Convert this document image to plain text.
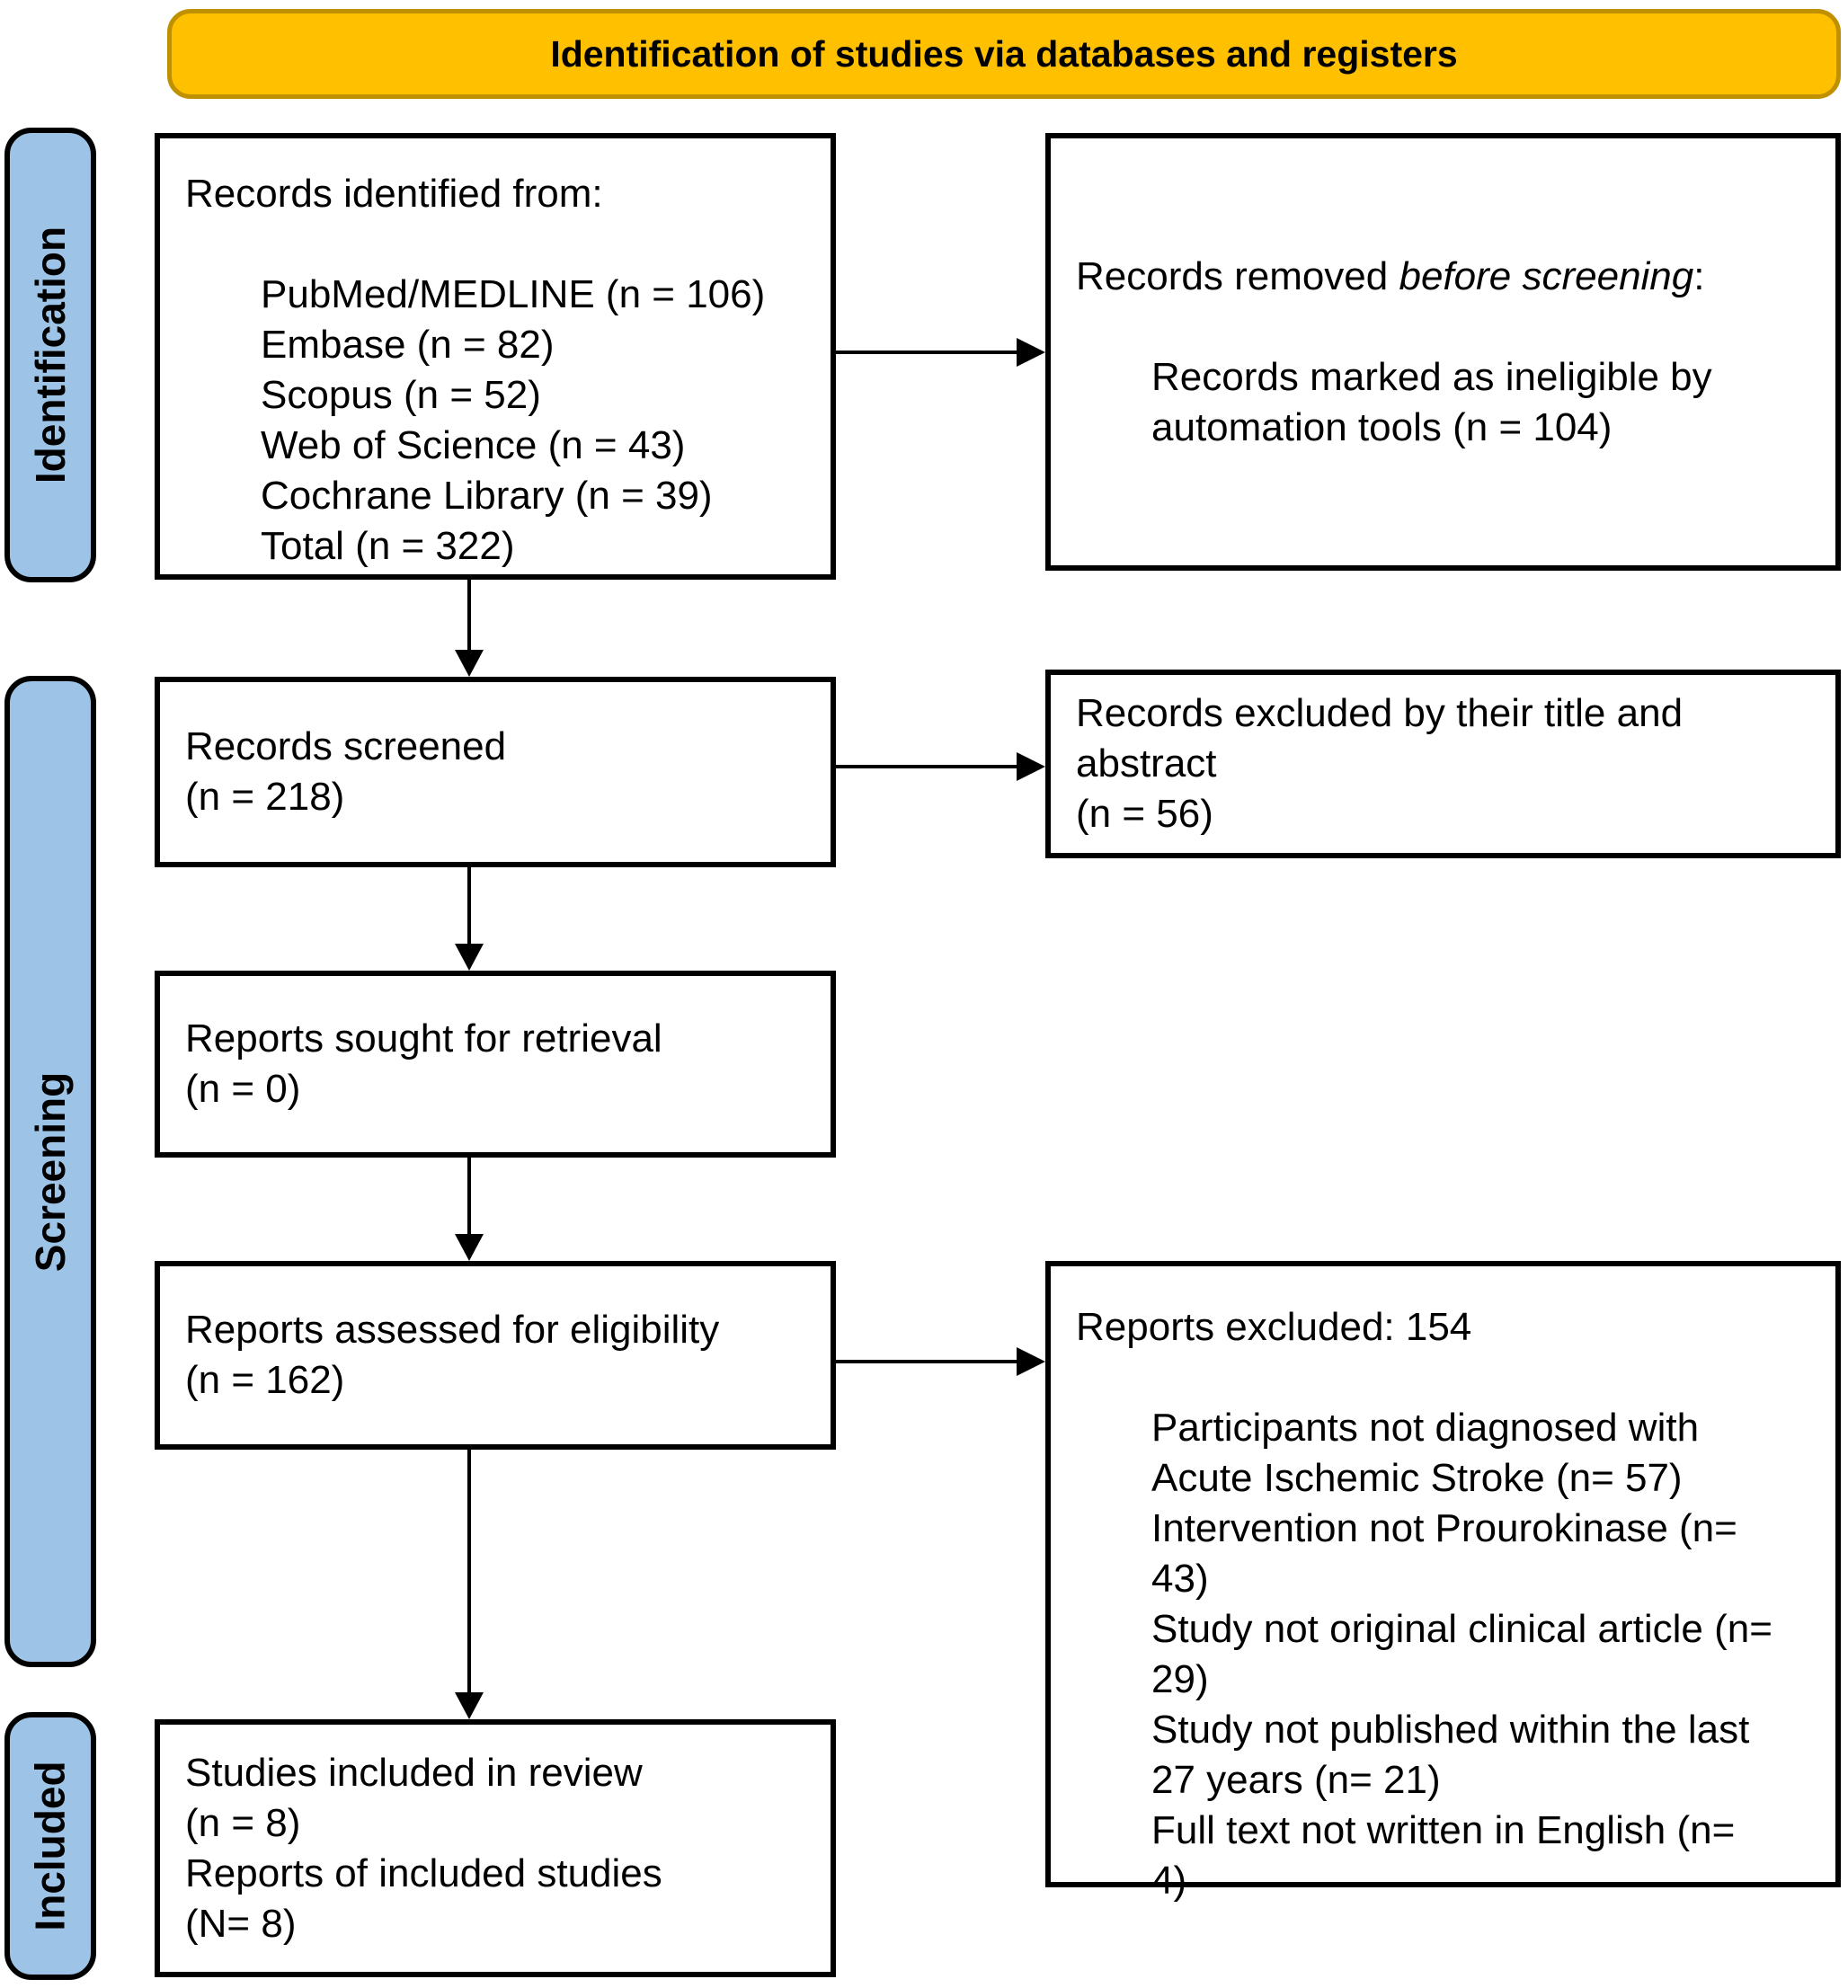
Identification of studies via databases and registers
Identification
Screening
Included
Records identified from:
PubMed/MEDLINE (n = 106)
Embase (n = 82)
Scopus (n = 52)
Web of Science (n = 43)
Cochrane Library (n = 39)
Total (n = 322)
Records removed before screening:
Records marked as ineligible by automation tools (n = 104)
Records screened
(n = 218)
Records excluded by their title and abstract
(n = 56)
Reports sought for retrieval
(n = 0)
Reports assessed for eligibility
(n = 162)
Reports excluded: 154
Participants not diagnosed with Acute Ischemic Stroke (n= 57)
Intervention not Prourokinase (n= 43)
Study not original clinical article (n= 29)
Study not published within the last 27 years (n= 21)
Full text not written in English (n= 4)
Studies included in review
(n = 8)
Reports of included studies
(N= 8)
